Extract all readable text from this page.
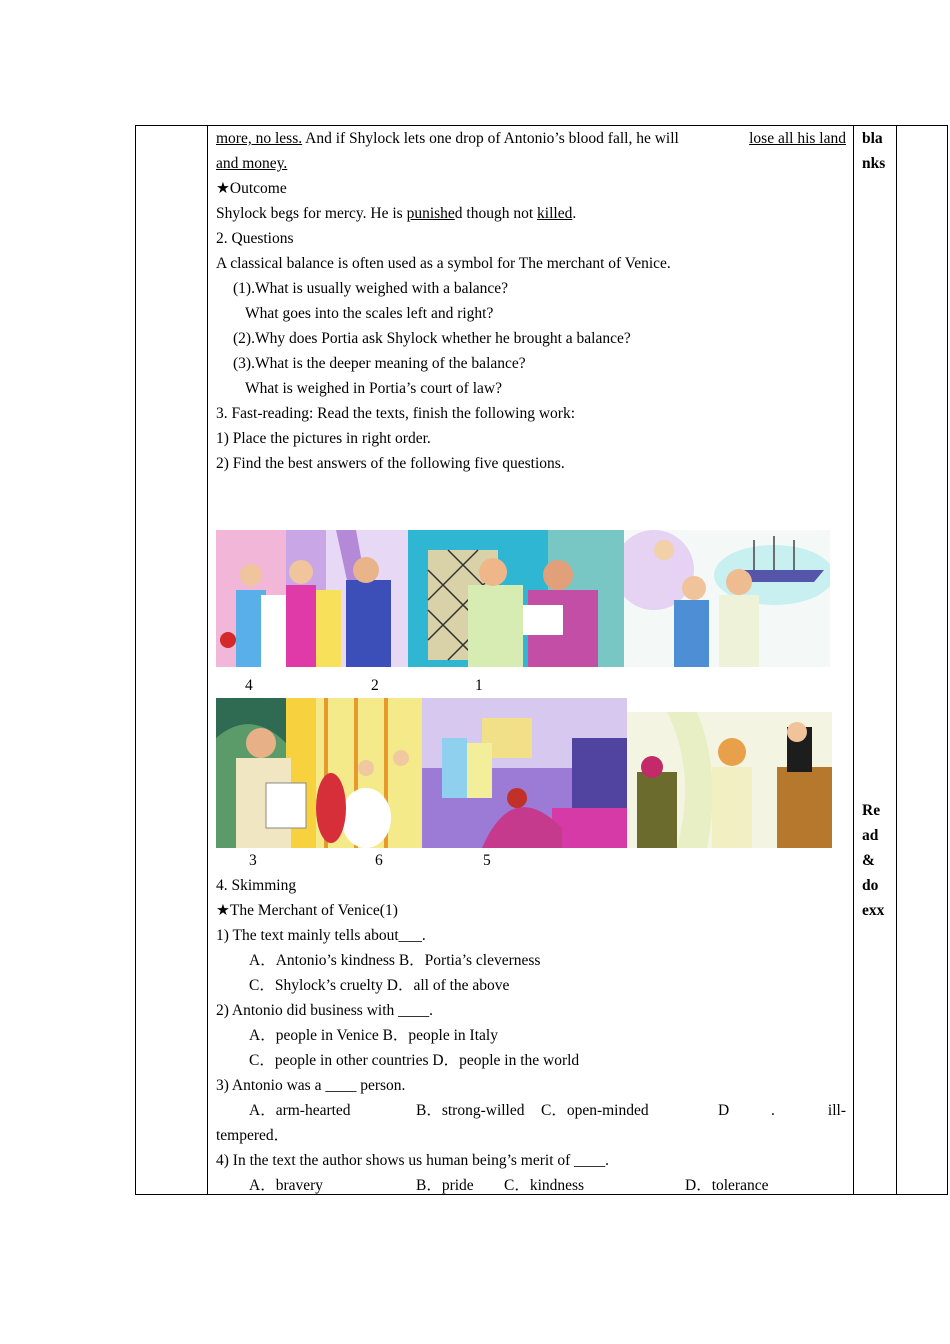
more, no less. And if Shylock lets one drop of Antonio’s blood fall, he will	lose all his land
and money.
★Outcome
Shylock begs for mercy. He is punished though not killed.
2. Questions
A classical balance is often used as a symbol for The merchant of Venice.
(1).What is usually weighed with a balance?
What goes into the scales left and right?
(2).Why does Portia ask Shylock whether he brought a balance?
(3).What is the deeper meaning of the balance?
What is weighed in Portia’s court of law?
3. Fast-reading: Read the texts, finish the following work:
1) Place the pictures in right order.
2) Find the best answers of the following five questions.
4	2	1
3	6	5
4. Skimming
★The Merchant of Venice(1)
1) The text mainly tells about___.
A．Antonio’s kindness B．Portia’s cleverness
C．Shylock’s cruelty D．all of the above
2) Antonio did business with ____.
A．people in Venice B．people in Italy
C．people in other countries D．people in the world
3) Antonio was a ____ person.
A．arm-hearted	B．strong-willed C．open-minded	D	.	ill-
tempered．
4) In the text the author shows us human being’s merit of ____.
A．bravery	B．pride C．kindness	D．tolerance
bla
nks
Re
ad
&
do
exx
